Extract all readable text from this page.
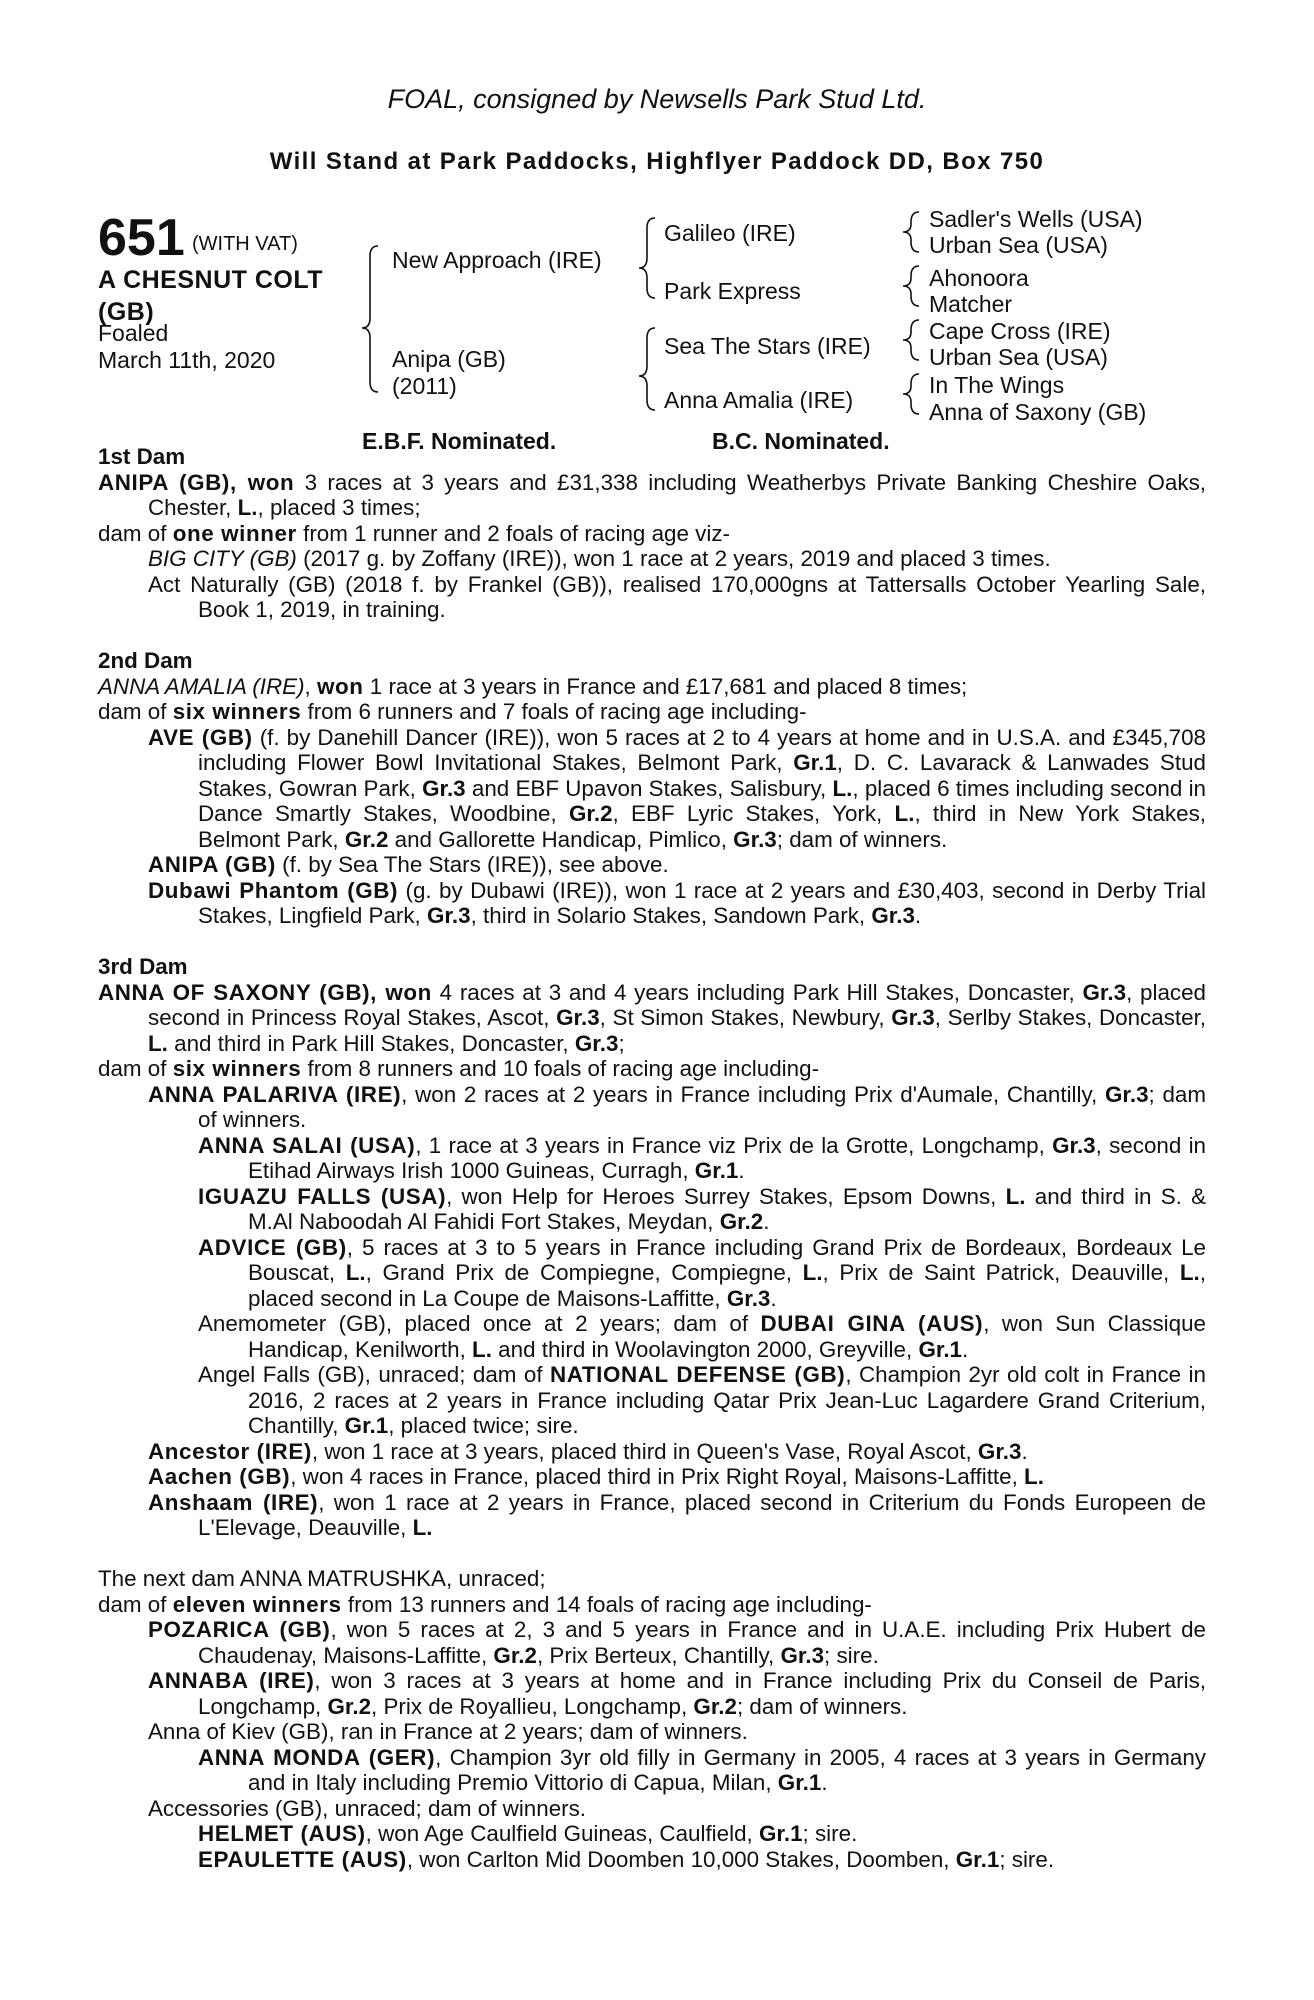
FOAL, consigned by Newsells Park Stud Ltd.
Will Stand at Park Paddocks, Highflyer Paddock DD, Box 750
651 (WITH VAT)
A CHESNUT COLT
(GB)
Foaled
March 11th, 2020
New Approach (IRE)
Anipa (GB)
(2011)
Galileo (IRE)
Park Express
Sea The Stars (IRE)
Anna Amalia (IRE)
Sadler's Wells (USA)
Urban Sea (USA)
Ahonoora
Matcher
Cape Cross (IRE)
Urban Sea (USA)
In The Wings
Anna of Saxony (GB)
E.B.F. Nominated.	B.C. Nominated.

1st Dam

ANIPA (GB), won 3 races at 3 years and £31,338 including Weatherbys Private Banking Cheshire Oaks, Chester, L., placed 3 times;

dam of one winner from 1 runner and 2 foals of racing age viz-

BIG CITY (GB) (2017 g. by Zoffany (IRE)), won 1 race at 2 years, 2019 and placed 3 times.

Act Naturally (GB) (2018 f. by Frankel (GB)), realised 170,000gns at Tattersalls October Yearling Sale, Book 1, 2019, in training.

2nd Dam

ANNA AMALIA (IRE), won 1 race at 3 years in France and £17,681 and placed 8 times;

dam of six winners from 6 runners and 7 foals of racing age including-

AVE (GB) (f. by Danehill Dancer (IRE)), won 5 races at 2 to 4 years at home and in U.S.A. and £345,708 including Flower Bowl Invitational Stakes, Belmont Park, Gr.1, D. C. Lavarack & Lanwades Stud Stakes, Gowran Park, Gr.3 and EBF Upavon Stakes, Salisbury, L., placed 6 times including second in Dance Smartly Stakes, Woodbine, Gr.2, EBF Lyric Stakes, York, L., third in New York Stakes, Belmont Park, Gr.2 and Gallorette Handicap, Pimlico, Gr.3; dam of winners.

ANIPA (GB) (f. by Sea The Stars (IRE)), see above.

Dubawi Phantom (GB) (g. by Dubawi (IRE)), won 1 race at 2 years and £30,403, second in Derby Trial Stakes, Lingfield Park, Gr.3, third in Solario Stakes, Sandown Park, Gr.3.

3rd Dam

ANNA OF SAXONY (GB), won 4 races at 3 and 4 years including Park Hill Stakes, Doncaster, Gr.3, placed second in Princess Royal Stakes, Ascot, Gr.3, St Simon Stakes, Newbury, Gr.3, Serlby Stakes, Doncaster, L. and third in Park Hill Stakes, Doncaster, Gr.3;

dam of six winners from 8 runners and 10 foals of racing age including-

ANNA PALARIVA (IRE), won 2 races at 2 years in France including Prix d'Aumale, Chantilly, Gr.3; dam of winners.

ANNA SALAI (USA), 1 race at 3 years in France viz Prix de la Grotte, Longchamp, Gr.3, second in Etihad Airways Irish 1000 Guineas, Curragh, Gr.1.

IGUAZU FALLS (USA), won Help for Heroes Surrey Stakes, Epsom Downs, L. and third in S. & M.Al Naboodah Al Fahidi Fort Stakes, Meydan, Gr.2.

ADVICE (GB), 5 races at 3 to 5 years in France including Grand Prix de Bordeaux, Bordeaux Le Bouscat, L., Grand Prix de Compiegne, Compiegne, L., Prix de Saint Patrick, Deauville, L., placed second in La Coupe de Maisons-Laffitte, Gr.3.

Anemometer (GB), placed once at 2 years; dam of DUBAI GINA (AUS), won Sun Classique Handicap, Kenilworth, L. and third in Woolavington 2000, Greyville, Gr.1.

Angel Falls (GB), unraced; dam of NATIONAL DEFENSE (GB), Champion 2yr old colt in France in 2016, 2 races at 2 years in France including Qatar Prix Jean-Luc Lagardere Grand Criterium, Chantilly, Gr.1, placed twice; sire.

Ancestor (IRE), won 1 race at 3 years, placed third in Queen's Vase, Royal Ascot, Gr.3.

Aachen (GB), won 4 races in France, placed third in Prix Right Royal, Maisons-Laffitte, L.

Anshaam (IRE), won 1 race at 2 years in France, placed second in Criterium du Fonds Europeen de L'Elevage, Deauville, L.

The next dam ANNA MATRUSHKA, unraced;

dam of eleven winners from 13 runners and 14 foals of racing age including-

POZARICA (GB), won 5 races at 2, 3 and 5 years in France and in U.A.E. including Prix Hubert de Chaudenay, Maisons-Laffitte, Gr.2, Prix Berteux, Chantilly, Gr.3; sire.

ANNABA (IRE), won 3 races at 3 years at home and in France including Prix du Conseil de Paris, Longchamp, Gr.2, Prix de Royallieu, Longchamp, Gr.2; dam of winners.

Anna of Kiev (GB), ran in France at 2 years; dam of winners.

ANNA MONDA (GER), Champion 3yr old filly in Germany in 2005, 4 races at 3 years in Germany and in Italy including Premio Vittorio di Capua, Milan, Gr.1.

Accessories (GB), unraced; dam of winners.

HELMET (AUS), won Age Caulfield Guineas, Caulfield, Gr.1; sire.

EPAULETTE (AUS), won Carlton Mid Doomben 10,000 Stakes, Doomben, Gr.1; sire.
